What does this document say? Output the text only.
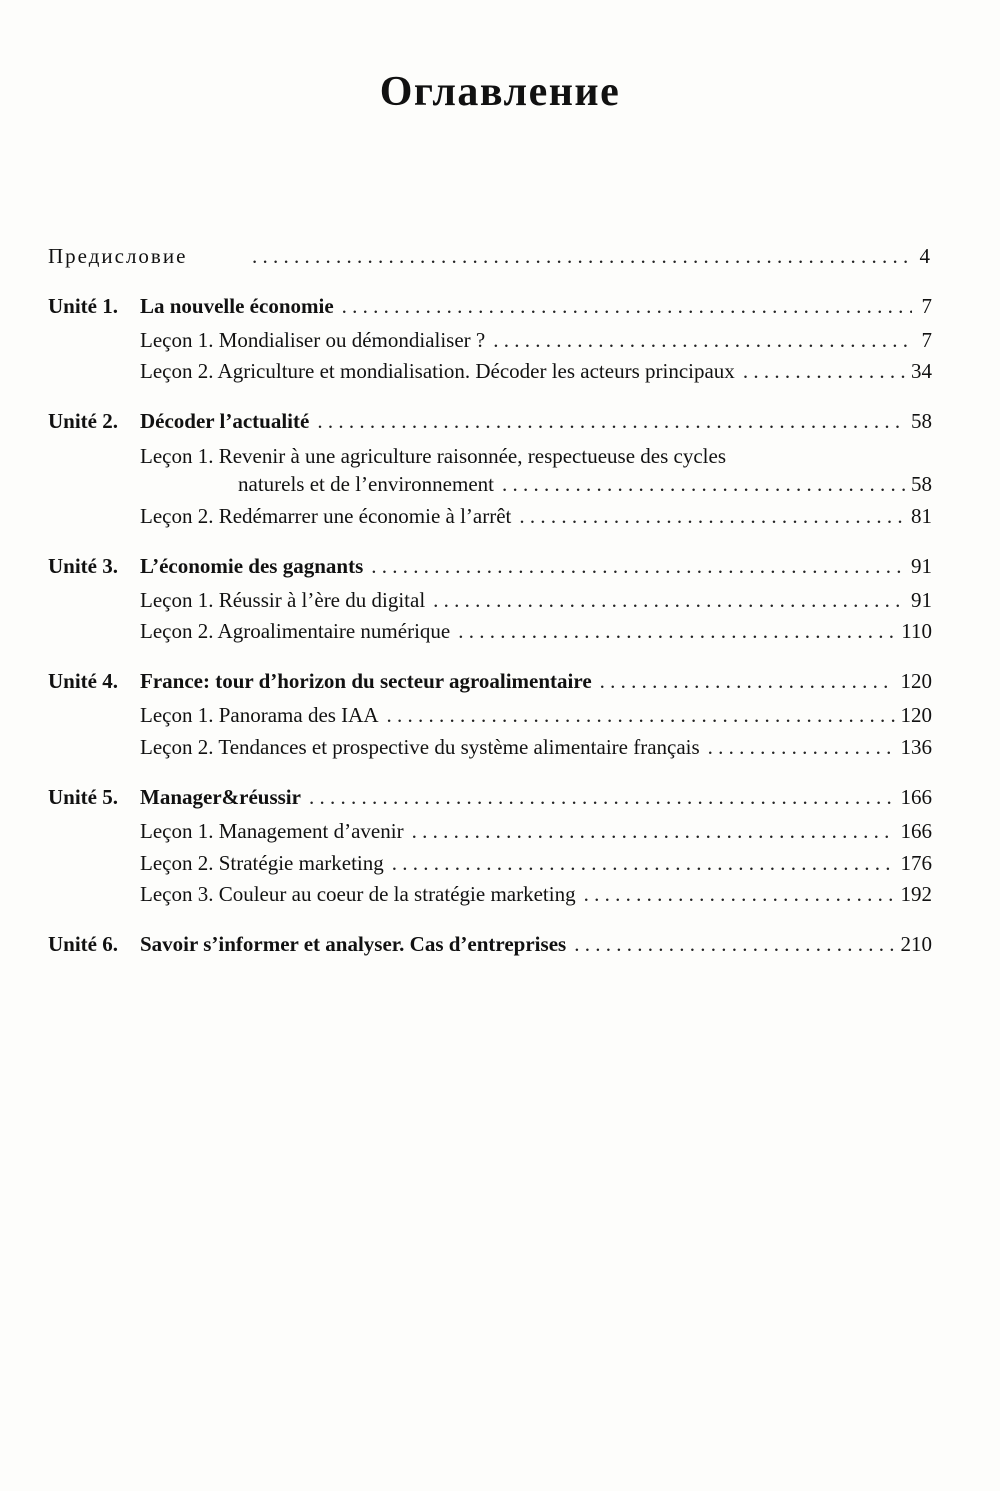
Оглавление
Предисловие . . .	4
Unité 1.	La nouvelle économie . . .	7
Leçon 1. Mondialiser ou démondialiser ? . . .	7
Leçon 2. Agriculture et mondialisation. Décoder les acteurs principaux . . .	34
Unité 2.	Décoder l’actualité . . .	58
Leçon 1. Revenir à une agriculture raisonnée, respectueuse des cycles
naturels et de l’environnement . . .	58
Leçon 2. Redémarrer une économie à l’arrêt . . .	81
Unité 3.	L’économie des gagnants . . .	91
Leçon 1. Réussir à l’ère du digital . . .	91
Leçon 2. Agroalimentaire numérique . . .	110
Unité 4.	France: tour d’horizon du secteur agroalimentaire . . .	120
Leçon 1. Panorama des IAA . . .	120
Leçon 2. Tendances et prospective du système alimentaire français . . .	136
Unité 5.	Manager&réussir . . .	166
Leçon 1. Management d’avenir . . .	166
Leçon 2. Stratégie marketing . . .	176
Leçon 3. Couleur au coeur de la stratégie marketing . . .	192
Unité 6.	Savoir s’informer et analyser. Cas d’entreprises . . .	210
